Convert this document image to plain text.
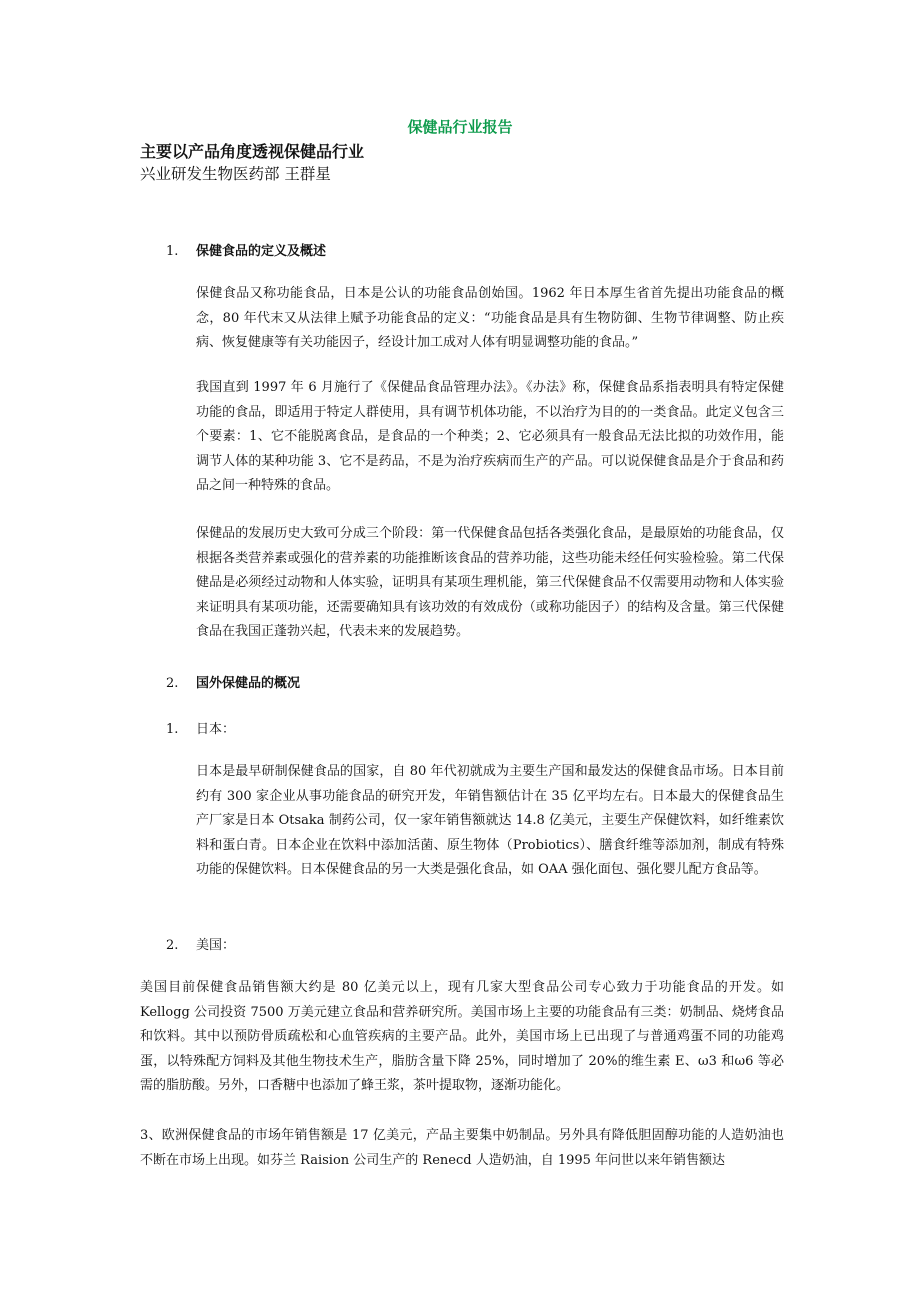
保健品行业报告
主要以产品角度透视保健品行业
兴业研发生物医药部 王群星
1. 保健食品的定义及概述

保健食品又称功能食品，日本是公认的功能食品创始国。1962 年日本厚生省首先提出功能食品的概念，80 年代末又从法律上赋予功能食品的定义：“功能食品是具有生物防御、生物节律调整、防止疾病、恢复健康等有关功能因子，经设计加工成对人体有明显调整功能的食品。”

我国直到 1997 年 6 月施行了《保健品食品管理办法》。《办法》称，保健食品系指表明具有特定保健功能的食品，即适用于特定人群使用，具有调节机体功能，不以治疗为目的的一类食品。此定义包含三个要素：1、它不能脱离食品，是食品的一个种类；2、它必须具有一般食品无法比拟的功效作用，能调节人体的某种功能 3、它不是药品，不是为治疗疾病而生产的产品。可以说保健食品是介于食品和药品之间一种特殊的食品。

保健品的发展历史大致可分成三个阶段：第一代保健食品包括各类强化食品，是最原始的功能食品，仅根据各类营养素或强化的营养素的功能推断该食品的营养功能，这些功能未经任何实验检验。第二代保健品是必须经过动物和人体实验，证明具有某项生理机能，第三代保健食品不仅需要用动物和人体实验来证明具有某项功能，还需要确知具有该功效的有效成份（或称功能因子）的结构及含量。第三代保健食品在我国正蓬勃兴起，代表未来的发展趋势。

2. 国外保健品的概况
1. 日本：

日本是最早研制保健食品的国家，自 80 年代初就成为主要生产国和最发达的保健食品市场。日本目前约有 300 家企业从事功能食品的研究开发，年销售额估计在 35 亿平均左右。日本最大的保健食品生产厂家是日本 Otsaka 制药公司，仅一家年销售额就达 14.8 亿美元，主要生产保健饮料，如纤维素饮料和蛋白青。日本企业在饮料中添加活菌、原生物体（Probiotics）、膳食纤维等添加剂，制成有特殊功能的保健饮料。日本保健食品的另一大类是强化食品，如 OAA 强化面包、强化婴儿配方食品等。

2. 美国：

美国目前保健食品销售额大约是 80 亿美元以上，现有几家大型食品公司专心致力于功能食品的开发。如 Kellogg 公司投资 7500 万美元建立食品和营养研究所。美国市场上主要的功能食品有三类：奶制品、烧烤食品和饮料。其中以预防骨质疏松和心血管疾病的主要产品。此外，美国市场上已出现了与普通鸡蛋不同的功能鸡蛋，以特殊配方饲料及其他生物技术生产，脂肪含量下降 25%，同时增加了 20%的维生素 E、ω3 和ω6 等必需的脂肪酸。另外，口香糖中也添加了蜂王浆，茶叶提取物，逐渐功能化。

3、欧洲保健食品的市场年销售额是 17 亿美元，产品主要集中奶制品。另外具有降低胆固醇功能的人造奶油也不断在市场上出现。如芬兰 Raision 公司生产的 Renecd 人造奶油，自 1995 年问世以来年销售额达
